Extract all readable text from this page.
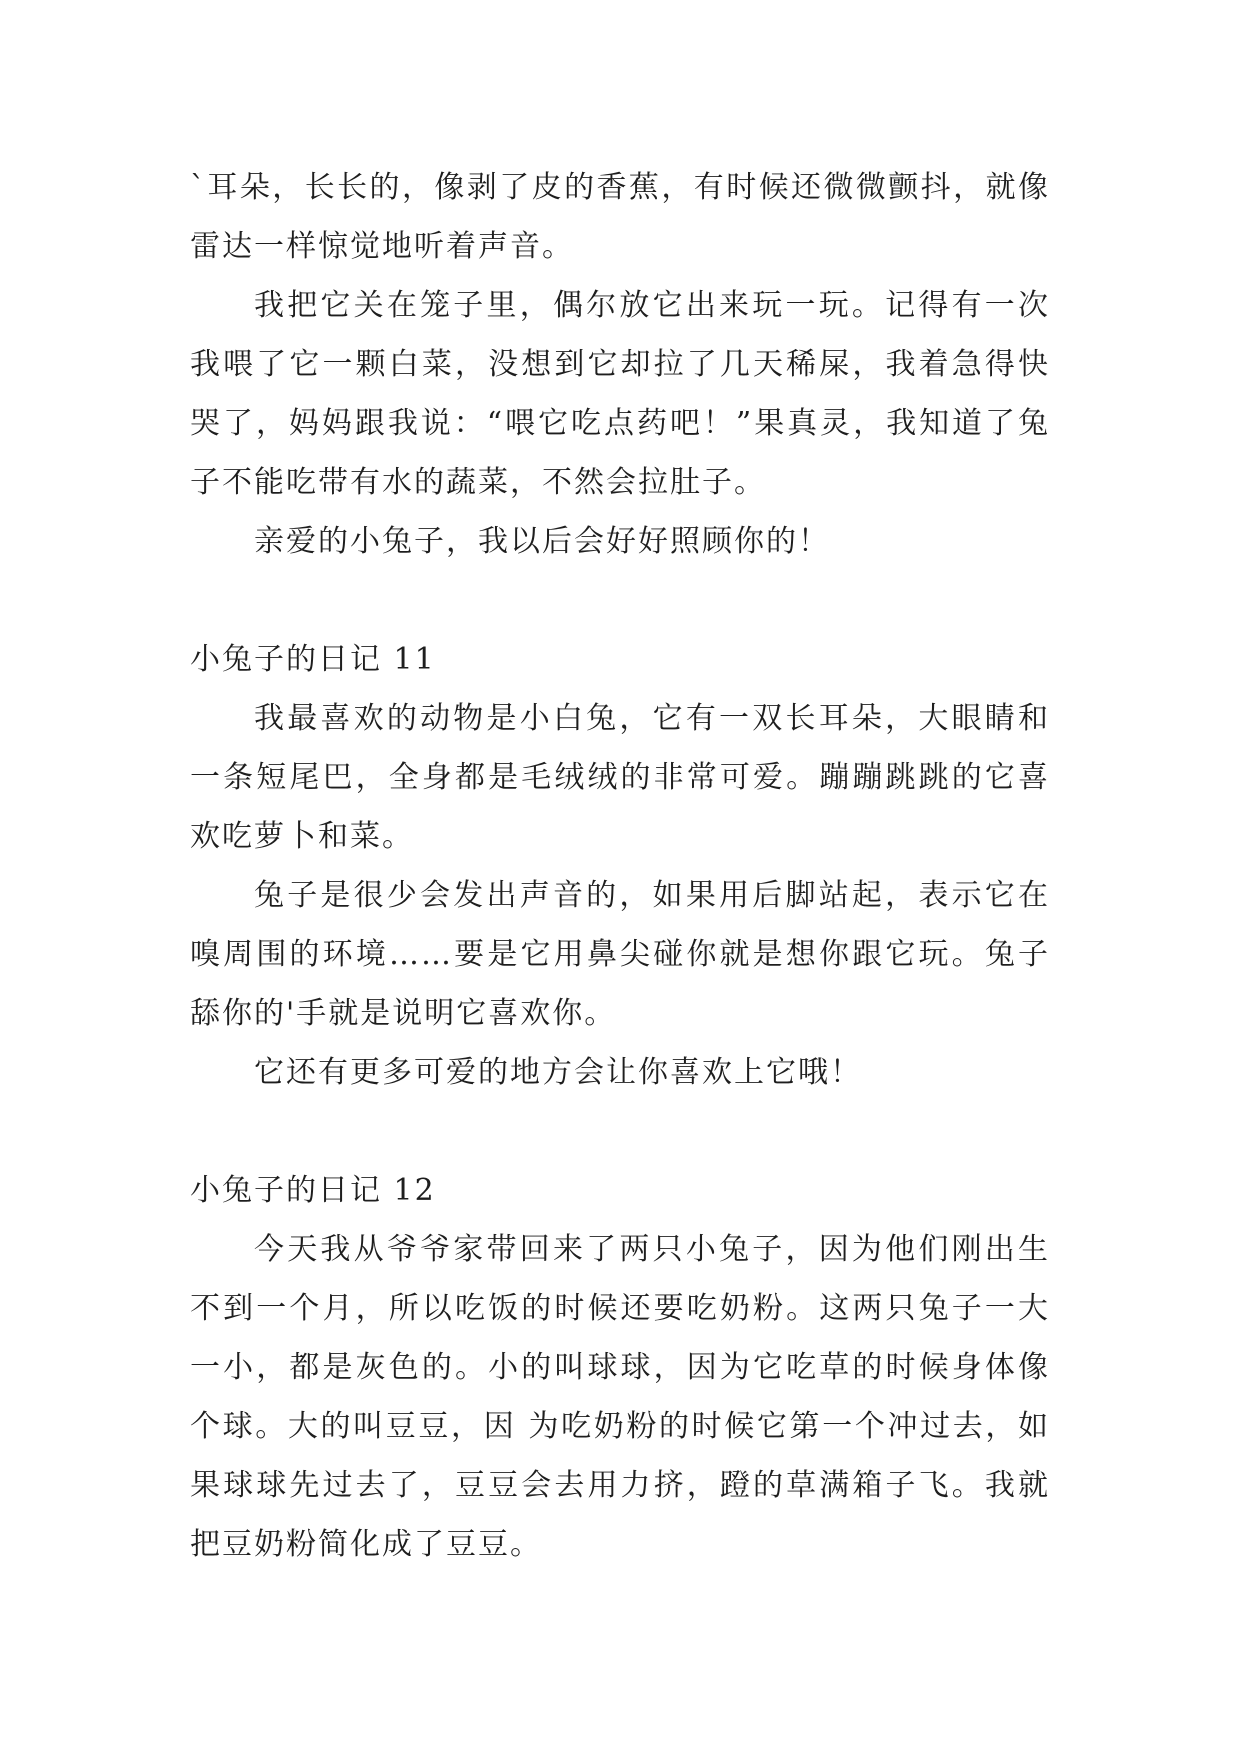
`耳朵，长长的，像剥了皮的香蕉，有时候还微微颤抖，就像雷达一样惊觉地听着声音。

我把它关在笼子里，偶尔放它出来玩一玩。记得有一次我喂了它一颗白菜，没想到它却拉了几天稀屎，我着急得快哭了，妈妈跟我说：“喂它吃点药吧！”果真灵，我知道了兔子不能吃带有水的蔬菜，不然会拉肚子。

亲爱的小兔子，我以后会好好照顾你的！

小兔子的日记 11

我最喜欢的动物是小白兔，它有一双长耳朵，大眼睛和一条短尾巴，全身都是毛绒绒的非常可爱。蹦蹦跳跳的它喜欢吃萝卜和菜。

兔子是很少会发出声音的，如果用后脚站起，表示它在嗅周围的环境……要是它用鼻尖碰你就是想你跟它玩。兔子舔你的'手就是说明它喜欢你。

它还有更多可爱的地方会让你喜欢上它哦！

小兔子的日记 12

今天我从爷爷家带回来了两只小兔子，因为他们刚出生不到一个月，所以吃饭的时候还要吃奶粉。这两只兔子一大一小，都是灰色的。小的叫球球，因为它吃草的时候身体像个球。大的叫豆豆，因 为吃奶粉的时候它第一个冲过去，如果球球先过去了，豆豆会去用力挤，蹬的草满箱子飞。我就把豆奶粉简化成了豆豆。
